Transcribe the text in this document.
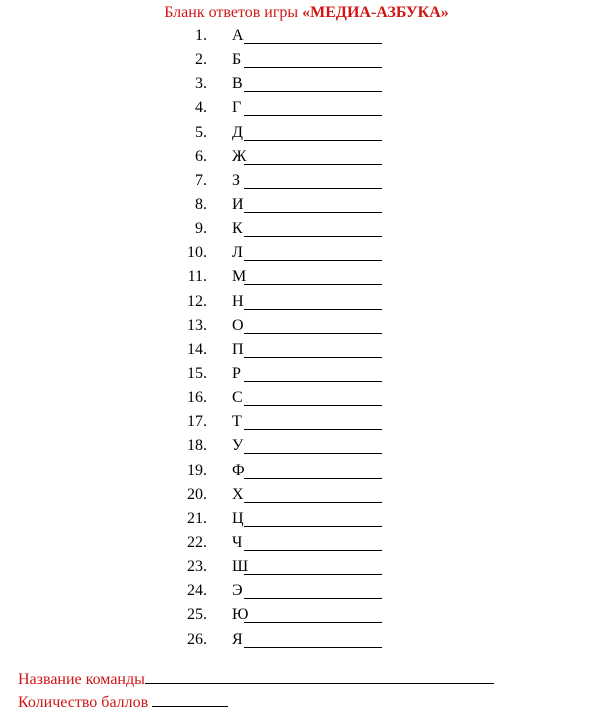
Бланк ответов игры «МЕДИА-АЗБУКА»
1. А
2. Б
3. В
4. Г
5. Д
6. Ж
7. З
8. И
9. К
10. Л
11. М
12. Н
13. О
14. П
15. Р
16. С
17. Т
18. У
19. Ф
20. Х
21. Ц
22. Ч
23. Ш
24. Э
25. Ю
26. Я
Название команды
Количество баллов
